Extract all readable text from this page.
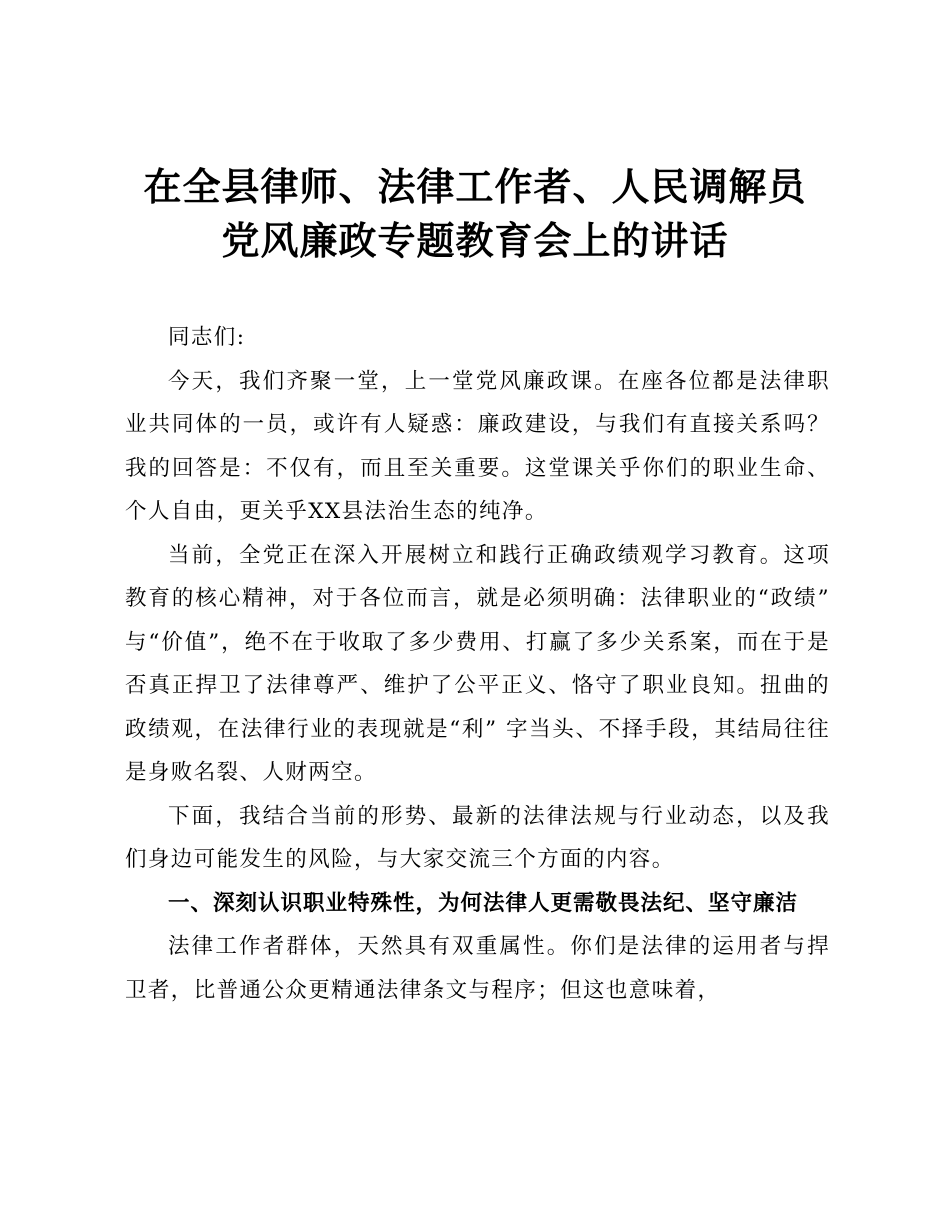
在全县律师、法律工作者、人民调解员
党风廉政专题教育会上的讲话

同志们:

今天，我们齐聚一堂，上一堂党风廉政课。在座各位都是法律职业共同体的一员，或许有人疑惑：廉政建设，与我们有直接关系吗？我的回答是：不仅有，而且至关重要。这堂课关乎你们的职业生命、个人自由，更关乎XX县法治生态的纯净。

当前，全党正在深入开展树立和践行正确政绩观学习教育。这项教育的核心精神，对于各位而言，就是必须明确：法律职业的“政绩” 与“价值”，绝不在于收取了多少费用、打赢了多少关系案，而在于是否真正捍卫了法律尊严、维护了公平正义、恪守了职业良知。扭曲的政绩观，在法律行业的表现就是“利” 字当头、不择手段，其结局往往是身败名裂、人财两空。

下面，我结合当前的形势、最新的法律法规与行业动态，以及我们身边可能发生的风险，与大家交流三个方面的内容。

一、深刻认识职业特殊性，为何法律人更需敬畏法纪、坚守廉洁

法律工作者群体，天然具有双重属性。你们是法律的运用者与捍卫者，比普通公众更精通法律条文与程序；但这也意味着，
